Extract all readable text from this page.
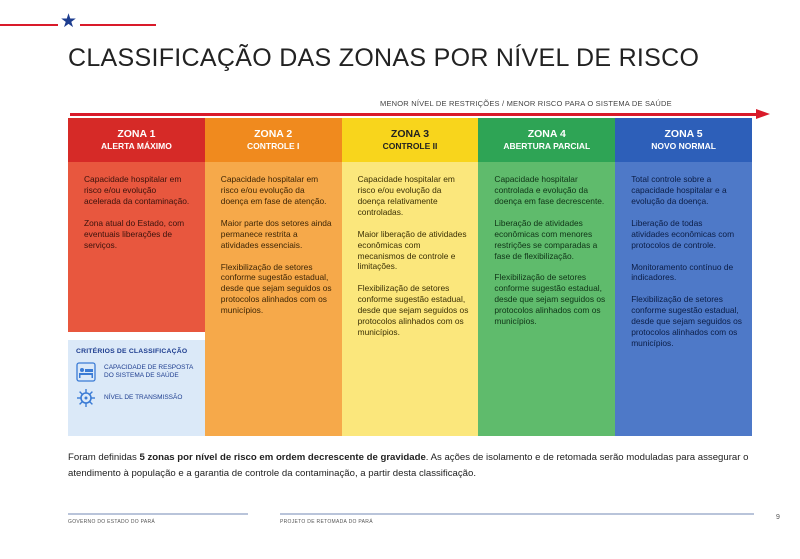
★
CLASSIFICAÇÃO DAS ZONAS POR NÍVEL DE RISCO
MENOR NÍVEL DE RESTRIÇÕES / MENOR RISCO PARA O SISTEMA DE SAÚDE
ZONA 1
ALERTA MÁXIMO

Capacidade hospitalar em risco e/ou evolução acelerada da contaminação.

Zona atual do Estado, com eventuais liberações de serviços.

CRITÉRIOS DE CLASSIFICAÇÃO
CAPACIDADE DE RESPOSTA DO SISTEMA DE SAÚDE
NÍVEL DE TRANSMISSÃO
ZONA 2
CONTROLE I

Capacidade hospitalar em risco e/ou evolução da doença em fase de atenção.

Maior parte dos setores ainda permanece restrita a atividades essenciais.

Flexibilização de setores conforme sugestão estadual, desde que sejam seguidos os protocolos alinhados com os municípios.

ZONA 3
CONTROLE II

Capacidade hospitalar em risco e/ou evolução da doença relativamente controladas.

Maior liberação de atividades econômicas com mecanismos de controle e limitações.

Flexibilização de setores conforme sugestão estadual, desde que sejam seguidos os protocolos alinhados com os municípios.

ZONA 4
ABERTURA PARCIAL

Capacidade hospitalar controlada e evolução da doença em fase decrescente.

Liberação de atividades econômicas com menores restrições se comparadas a fase de flexibilização.

Flexibilização de setores conforme sugestão estadual, desde que sejam seguidos os protocolos alinhados com os municípios.

ZONA 5
NOVO NORMAL

Total controle sobre a capacidade hospitalar e a evolução da doença.

Liberação de todas atividades econômicas com protocolos de controle.

Monitoramento contínuo de indicadores.

Flexibilização de setores conforme sugestão estadual, desde que sejam seguidos os protocolos alinhados com os municípios.

Foram definidas 5 zonas por nível de risco em ordem decrescente de gravidade. As ações de isolamento e de retomada serão moduladas para assegurar o atendimento à população e a garantia de controle da contaminação, a partir desta classificação.

GOVERNO DO ESTADO DO PARÁ	PROJETO DE RETOMADA DO PARÁ
9
